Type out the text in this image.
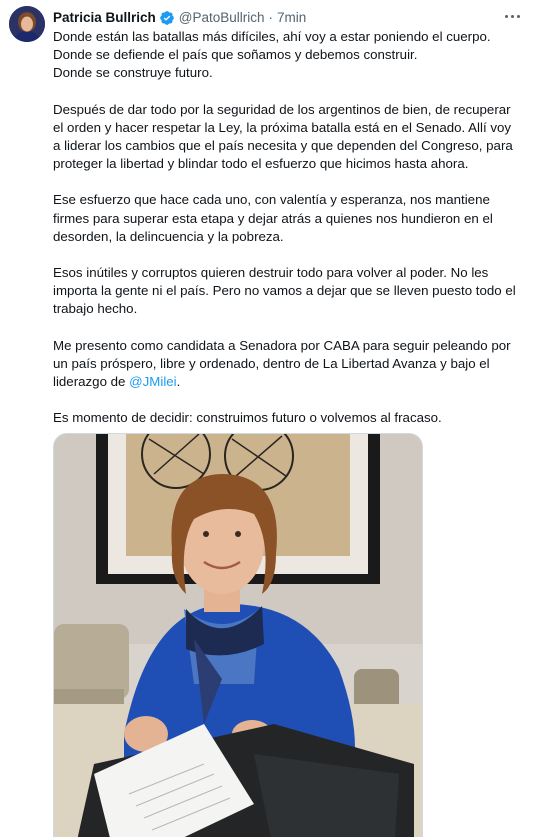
Patricia Bullrich @PatoBullrich · 7min

Donde están las batallas más difíciles, ahí voy a estar poniendo el cuerpo.
Donde se defiende el país que soñamos y debemos construir.
Donde se construye futuro.

Después de dar todo por la seguridad de los argentinos de bien, de recuperar
el orden y hacer respetar la Ley, la próxima batalla está en el Senado. Allí voy
a liderar los cambios que el país necesita y que dependen del Congreso, para
proteger la libertad y blindar todo el esfuerzo que hicimos hasta ahora.

Ese esfuerzo que hace cada uno, con valentía y esperanza, nos mantiene
firmes para superar esta etapa y dejar atrás a quienes nos hundieron en el
desorden, la delincuencia y la pobreza.

Esos inútiles y corruptos quieren destruir todo para volver al poder. No les
importa la gente ni el país. Pero no vamos a dejar que se lleven puesto todo el
trabajo hecho.

Me presento como candidata a Senadora por CABA para seguir peleando por
un país próspero, libre y ordenado, dentro de La Libertad Avanza y bajo el
liderazgo de @JMilei.

Es momento de decidir: construimos futuro o volvemos al fracaso.
